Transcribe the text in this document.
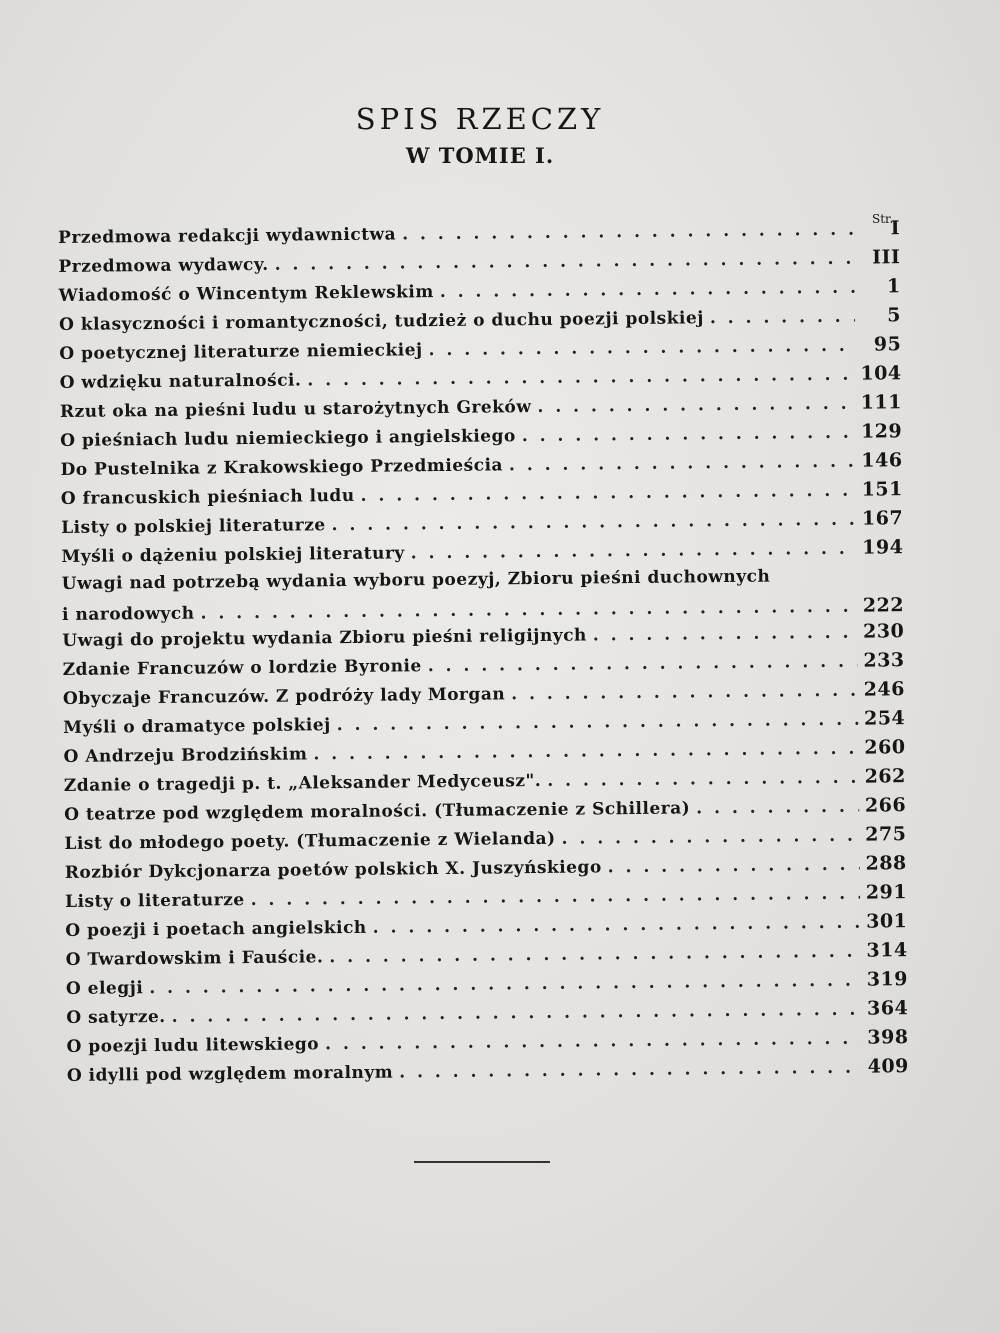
SPIS RZECZY
W TOMIE I.
Str.
Przedmowa redakcji wydawnictwa . . .	I
Przedmowa wydawcy. . . .	III
Wiadomość o Wincentym Reklewskim . . .	1
O klasyczności i romantyczności, tudzież o duchu poezji polskiej . . .	5
O poetycznej literaturze niemieckiej . . .	95
O wdzięku naturalności. . . .	104
Rzut oka na pieśni ludu u starożytnych Greków . . .	111
O pieśniach ludu niemieckiego i angielskiego . . .	129
Do Pustelnika z Krakowskiego Przedmieścia . . .	146
O francuskich pieśniach ludu . . .	151
Listy o polskiej literaturze . . .	167
Myśli o dążeniu polskiej literatury . . .	194
Uwagi nad potrzebą wydania wyboru poezyj, Zbioru pieśni duchownych
i narodowych . . .	222
Uwagi do projektu wydania Zbioru pieśni religijnych . . .	230
Zdanie Francuzów o lordzie Byronie . . .	233
Obyczaje Francuzów. Z podróży lady Morgan . . .	246
Myśli o dramatyce polskiej . . .	254
O Andrzeju Brodzińskim . . .	260
Zdanie o tragedji p. t. „Aleksander Medyceusz". . . .	262
O teatrze pod względem moralności. (Tłumaczenie z Schillera) . . .	266
List do młodego poety. (Tłumaczenie z Wielanda) . . .	275
Rozbiór Dykcjonarza poetów polskich X. Juszyńskiego . . .	288
Listy o literaturze . . .	291
O poezji i poetach angielskich . . .	301
O Twardowskim i Fauście. . . .	314
O elegji . . .	319
O satyrze. . . .	364
O poezji ludu litewskiego . . .	398
O idylli pod względem moralnym . . .	409
